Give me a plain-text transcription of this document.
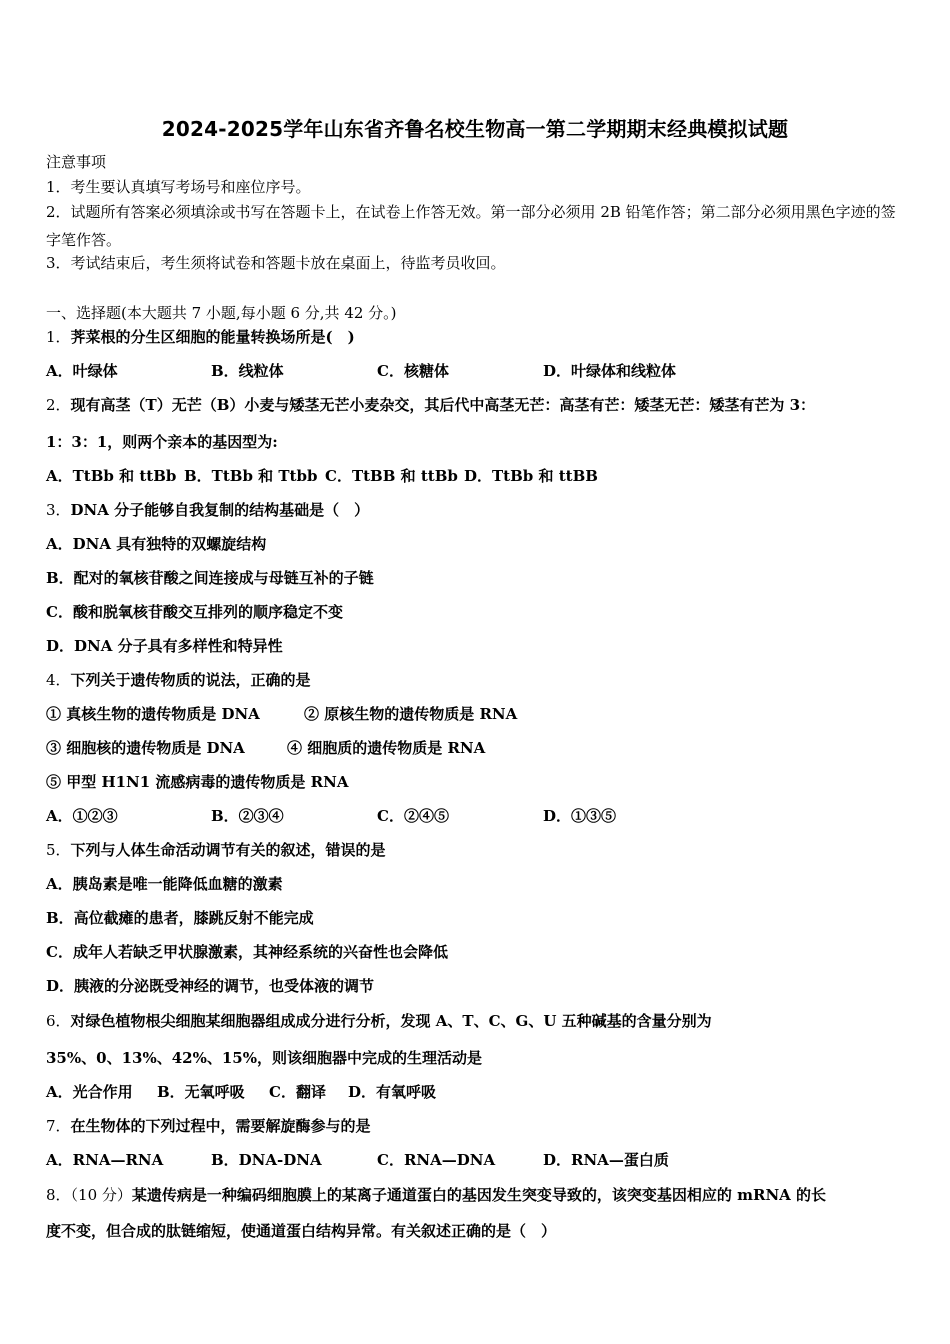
2024-2025学年山东省齐鲁名校生物高一第二学期期末经典模拟试题
注意事项
1．考生要认真填写考场号和座位序号。
2．试题所有答案必须填涂或书写在答题卡上，在试卷上作答无效。第一部分必须用 2B 铅笔作答；第二部分必须用黑色字迹的签字笔作答。
3．考试结束后，考生须将试卷和答题卡放在桌面上，待监考员收回。
一、选择题(本大题共 7 小题,每小题 6 分,共 42 分。)
1．荠菜根的分生区细胞的能量转换场所是(　)
A．叶绿体	B．线粒体	C．核糖体	D．叶绿体和线粒体
2．现有高茎（T）无芒（B）小麦与矮茎无芒小麦杂交，其后代中高茎无芒：高茎有芒：矮茎无芒：矮茎有芒为 3：
1：3：1，则两个亲本的基因型为:
A．TtBb 和 ttBb B．TtBb 和 Ttbb C．TtBB 和 ttBb D．TtBb 和 ttBB
3．DNA 分子能够自我复制的结构基础是（　）
A．DNA 具有独特的双螺旋结构
B．配对的氧核苷酸之间连接成与母链互补的子链
C．酸和脱氧核苷酸交互排列的顺序稳定不变
D．DNA 分子具有多样性和特异性
4．下列关于遗传物质的说法，正确的是
① 真核生物的遗传物质是 DNA	② 原核生物的遗传物质是 RNA
③ 细胞核的遗传物质是 DNA	④ 细胞质的遗传物质是 RNA
⑤ 甲型 H1N1 流感病毒的遗传物质是 RNA
A．①②③	B．②③④	C．②④⑤	D．①③⑤
5．下列与人体生命活动调节有关的叙述，错误的是
A．胰岛素是唯一能降低血糖的激素
B．高位截瘫的患者，膝跳反射不能完成
C．成年人若缺乏甲状腺激素，其神经系统的兴奋性也会降低
D．胰液的分泌既受神经的调节，也受体液的调节
6．对绿色植物根尖细胞某细胞器组成成分进行分析，发现 A、T、C、G、U 五种碱基的含量分别为
35%、0、13%、42%、15%，则该细胞器中完成的生理活动是
A．光合作用 B．无氧呼吸 C．翻译 D．有氧呼吸
7．在生物体的下列过程中，需要解旋酶参与的是
A．RNA—RNA	B．DNA-DNA	C．RNA—DNA	D．RNA—蛋白质
8．（10 分）某遗传病是一种编码细胞膜上的某离子通道蛋白的基因发生突变导致的，该突变基因相应的 mRNA 的长
度不变，但合成的肽链缩短，使通道蛋白结构异常。有关叙述正确的是（　）
